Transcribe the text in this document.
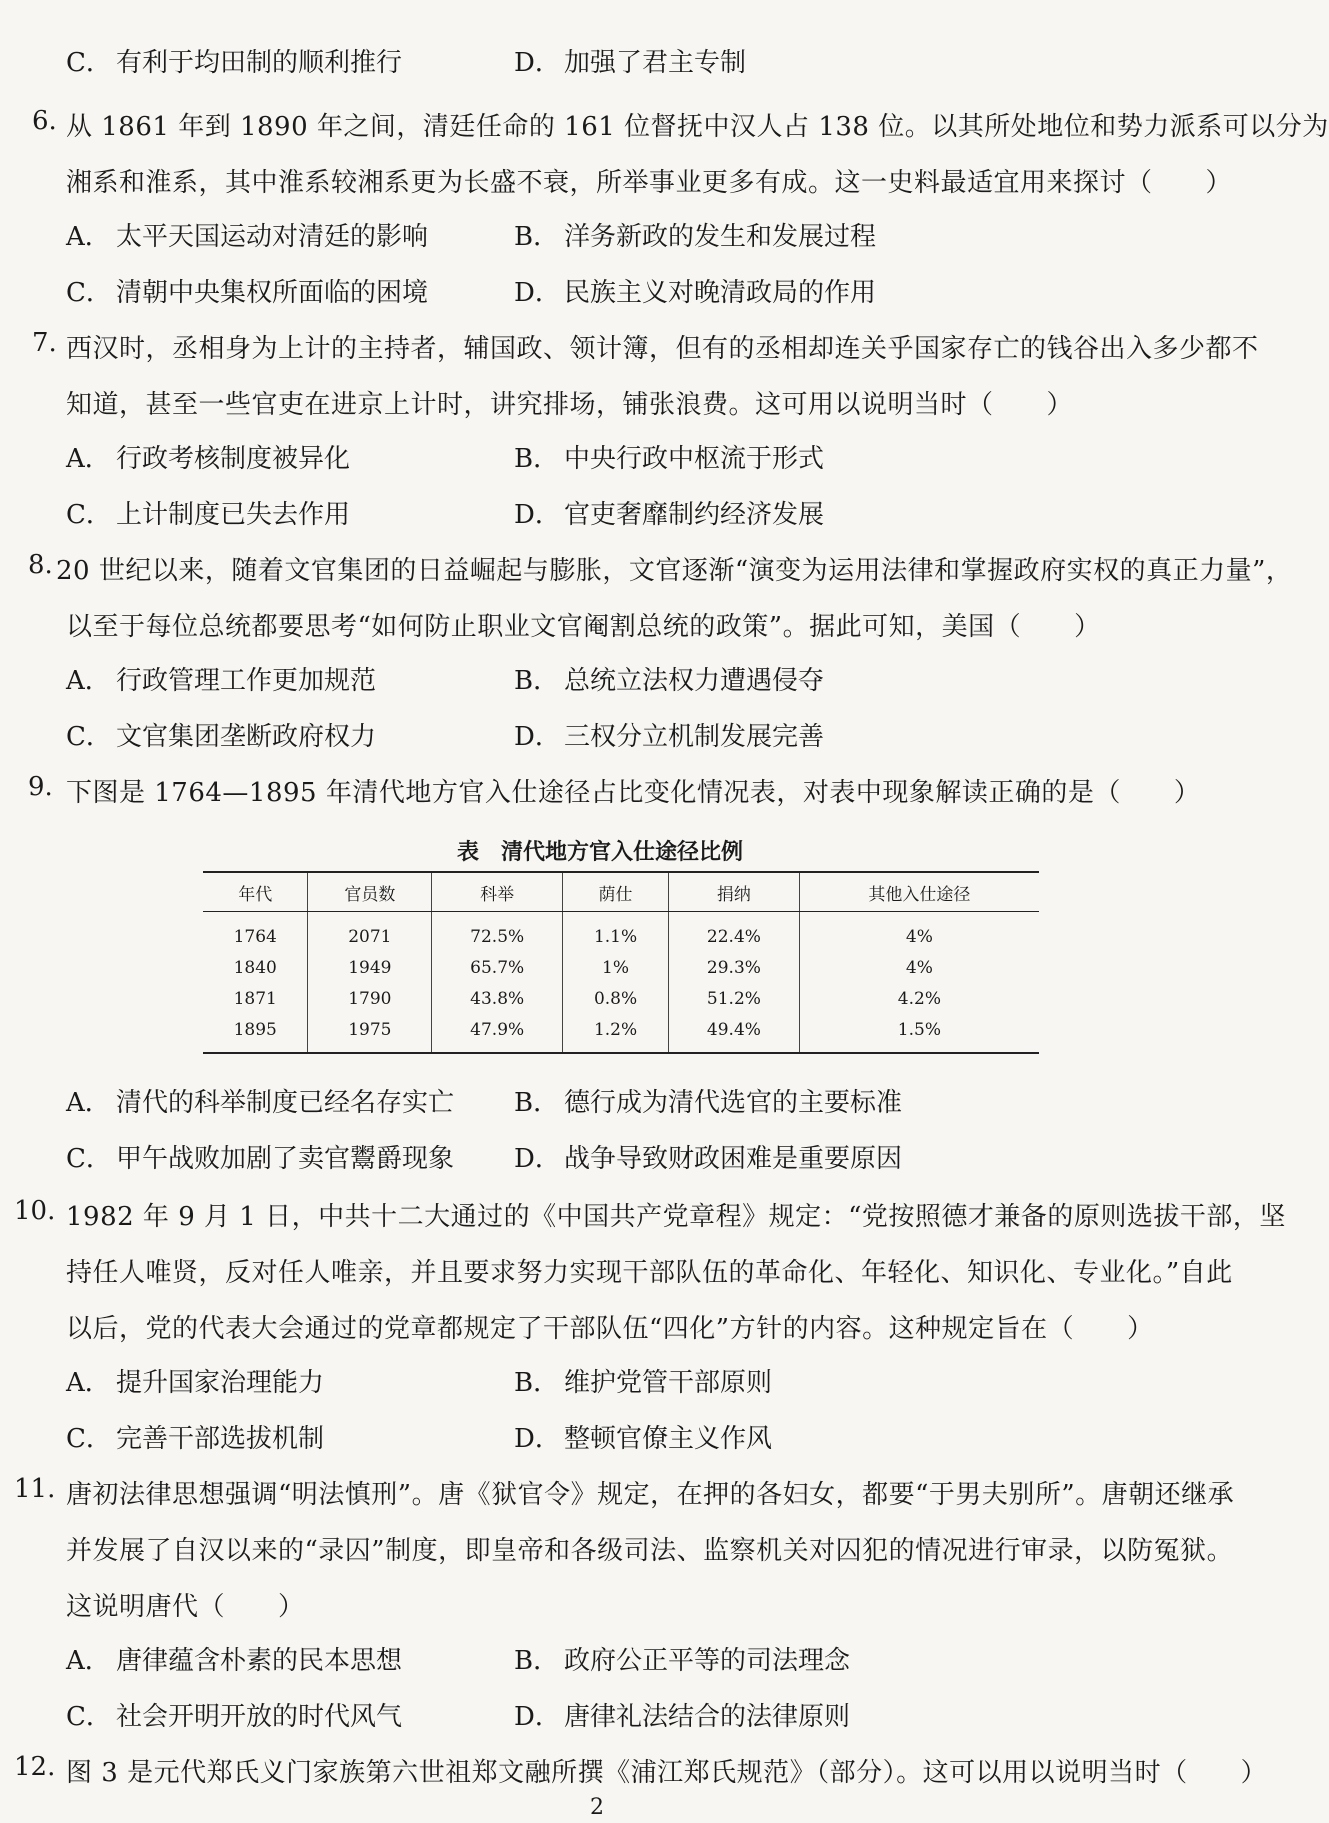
C． 有利于均田制的顺利推行	D． 加强了君主专制
6. 从 1861 年到 1890 年之间，清廷任命的 161 位督抚中汉人占 138 位。以其所处地位和势力派系可以分为
湘系和淮系，其中淮系较湘系更为长盛不衰，所举事业更多有成。这一史料最适宜用来探讨（　　）
A． 太平天国运动对清廷的影响	B． 洋务新政的发生和发展过程
C． 清朝中央集权所面临的困境	D． 民族主义对晚清政局的作用
7. 西汉时，丞相身为上计的主持者，辅国政、领计簿，但有的丞相却连关乎国家存亡的钱谷出入多少都不
知道，甚至一些官吏在进京上计时，讲究排场，铺张浪费。这可用以说明当时（　　）
A． 行政考核制度被异化	B． 中央行政中枢流于形式
C． 上计制度已失去作用	D． 官吏奢靡制约经济发展
8. 20 世纪以来，随着文官集团的日益崛起与膨胀，文官逐渐“演变为运用法律和掌握政府实权的真正力量”，
以至于每位总统都要思考“如何防止职业文官阉割总统的政策”。据此可知，美国（　　）
A． 行政管理工作更加规范	B． 总统立法权力遭遇侵夺
C． 文官集团垄断政府权力	D． 三权分立机制发展完善
9. 下图是 1764—1895 年清代地方官入仕途径占比变化情况表，对表中现象解读正确的是（　　）
表　清代地方官入仕途径比例
年代	官员数	科举	荫仕	捐纳	其他入仕途径
1764	2071	72.5%	1.1%	22.4%	4%
1840	1949	65.7%	1%	29.3%	4%
1871	1790	43.8%	0.8%	51.2%	4.2%
1895	1975	47.9%	1.2%	49.4%	1.5%
A． 清代的科举制度已经名存实亡 B． 德行成为清代选官的主要标准
C． 甲午战败加剧了卖官鬻爵现象 D． 战争导致财政困难是重要原因
10. 1982 年 9 月 1 日，中共十二大通过的《中国共产党章程》规定：“党按照德才兼备的原则选拔干部，坚
持任人唯贤，反对任人唯亲，并且要求努力实现干部队伍的革命化、年轻化、知识化、专业化。”自此
以后，党的代表大会通过的党章都规定了干部队伍“四化”方针的内容。这种规定旨在（　　）
A． 提升国家治理能力	B． 维护党管干部原则
C． 完善干部选拔机制	D． 整顿官僚主义作风
11. 唐初法律思想强调“明法慎刑”。唐《狱官令》规定，在押的各妇女，都要“于男夫别所”。唐朝还继承
并发展了自汉以来的“录囚”制度，即皇帝和各级司法、监察机关对囚犯的情况进行审录，以防冤狱。
这说明唐代（　　）
A． 唐律蕴含朴素的民本思想	B． 政府公正平等的司法理念
C． 社会开明开放的时代风气	D． 唐律礼法结合的法律原则
12. 图 3 是元代郑氏义门家族第六世祖郑文融所撰《浦江郑氏规范》（部分）。这可以用以说明当时（　　）
2
